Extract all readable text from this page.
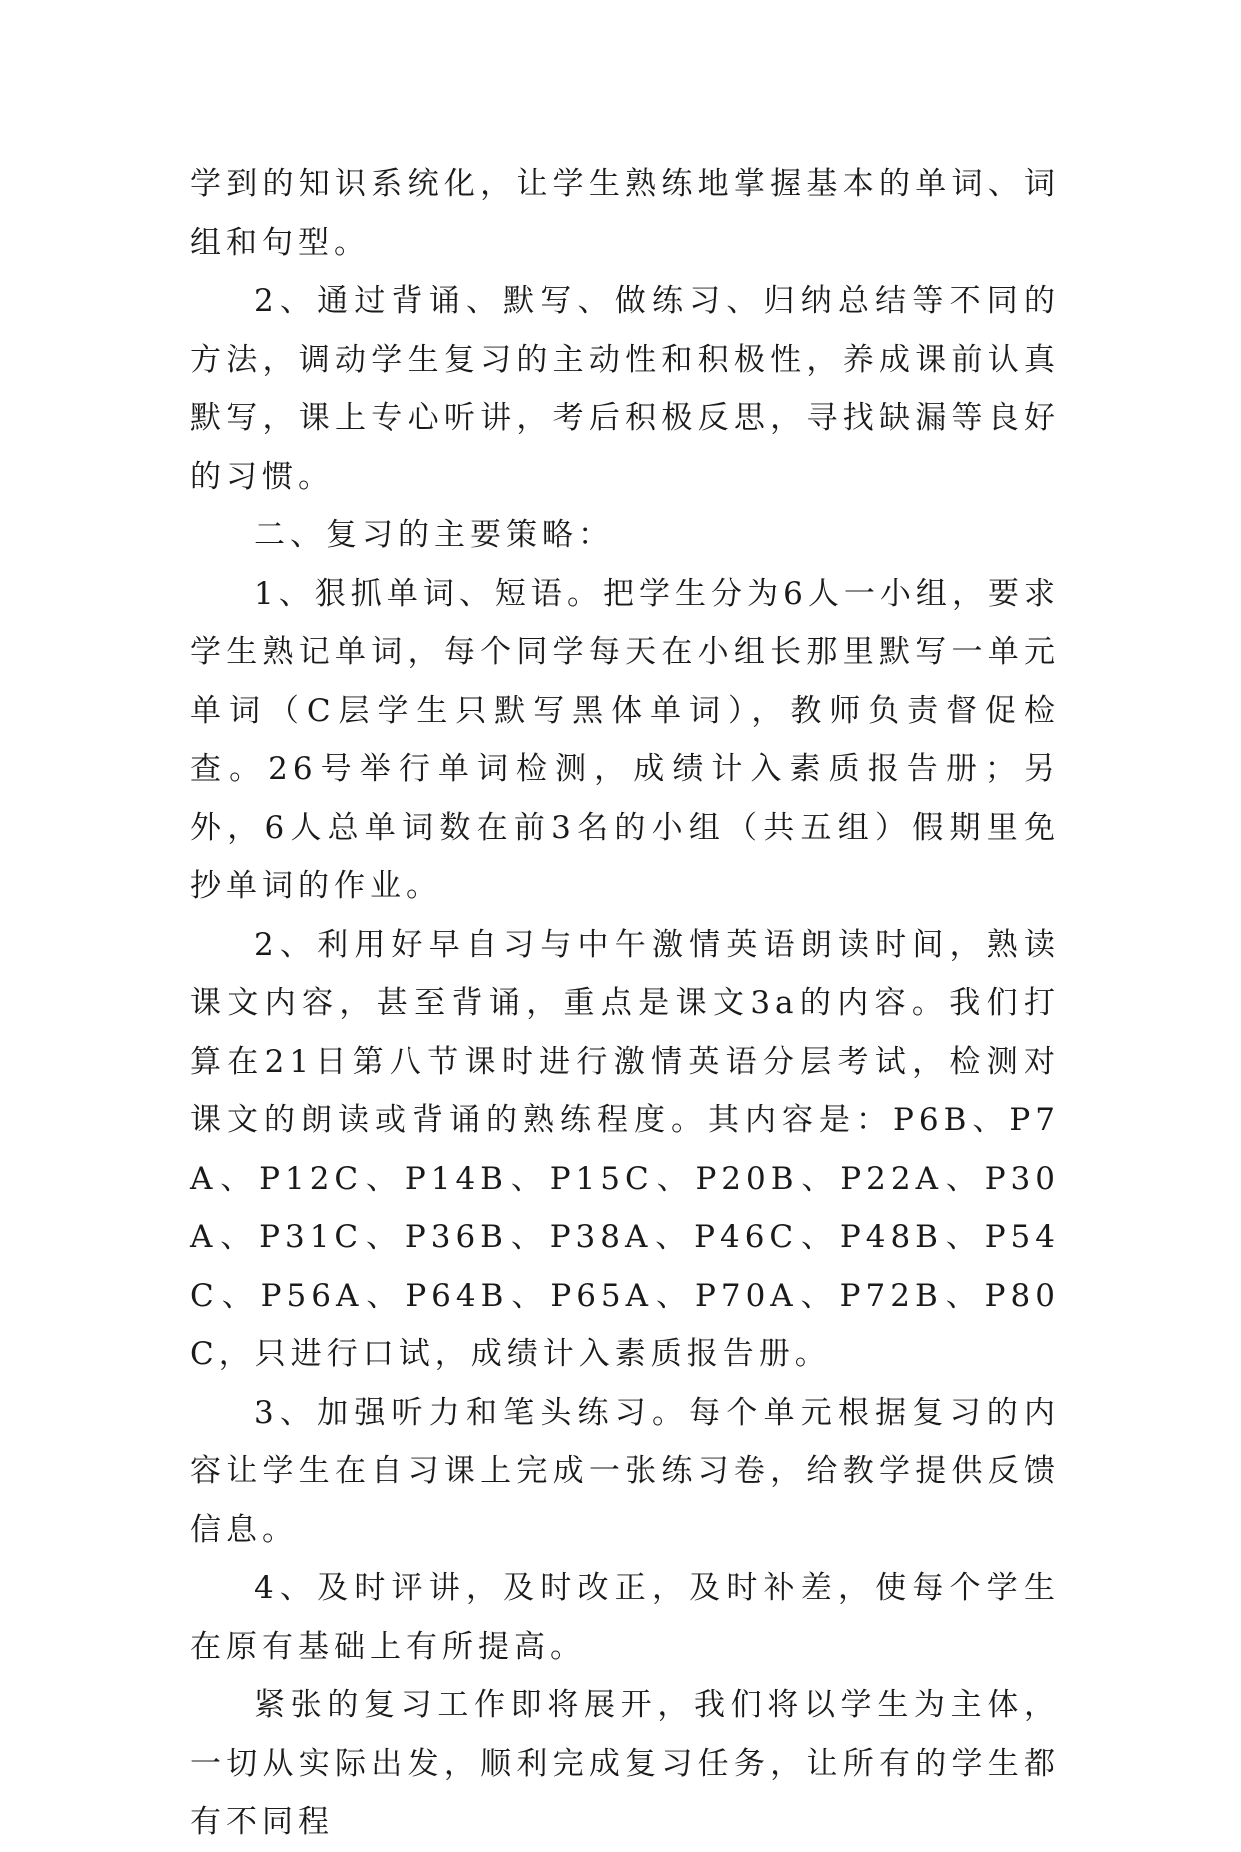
学到的知识系统化，让学生熟练地掌握基本的单词、词组和句型。

2、通过背诵、默写、做练习、归纳总结等不同的方法，调动学生复习的主动性和积极性，养成课前认真默写，课上专心听讲，考后积极反思，寻找缺漏等良好的习惯。

二、复习的主要策略：

1、狠抓单词、短语。把学生分为6人一小组，要求学生熟记单词，每个同学每天在小组长那里默写一单元单词（C层学生只默写黑体单词），教师负责督促检查。26号举行单词检测，成绩计入素质报告册；另外，6人总单词数在前3名的小组（共五组）假期里免抄单词的作业。

2、利用好早自习与中午激情英语朗读时间，熟读课文内容，甚至背诵，重点是课文3a的内容。我们打算在21日第八节课时进行激情英语分层考试，检测对课文的朗读或背诵的熟练程度。其内容是：P6B、P7A、P12C、P14B、P15C、P20B、P22A、P30A、P31C、P36B、P38A、P46C、P48B、P54C、P56A、P64B、P65A、P70A、P72B、P80C，只进行口试，成绩计入素质报告册。

3、加强听力和笔头练习。每个单元根据复习的内容让学生在自习课上完成一张练习卷，给教学提供反馈信息。

4、及时评讲，及时改正，及时补差，使每个学生在原有基础上有所提高。

紧张的复习工作即将展开，我们将以学生为主体，一切从实际出发，顺利完成复习任务，让所有的学生都有不同程
